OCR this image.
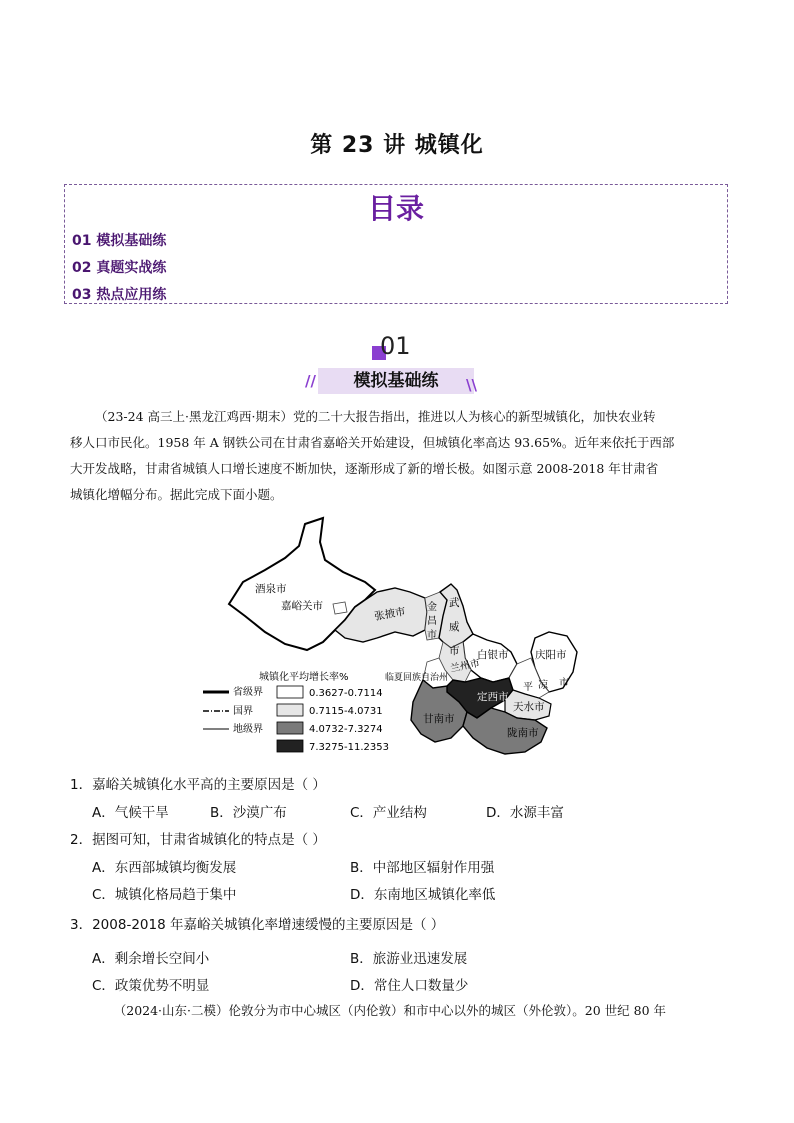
第 23 讲 城镇化
目录
01 模拟基础练
02 真题实战练
03 热点应用练
01
//	\\
模拟基础练
（23-24 高三上·黑龙江鸡西·期末）党的二十大报告指出，推进以人为核心的新型城镇化，加快农业转
移人口市民化。1958 年 A 钢铁公司在甘肃省嘉峪关开始建设，但城镇化率高达 93.65%。近年来依托于西部
大开发战略，甘肃省城镇人口增长速度不断加快，逐渐形成了新的增长极。如图示意 2008-2018 年甘肃省
城镇化增幅分布。据此完成下面小题。
酒泉市
嘉峪关市	张掖市 金
昌
市
武
威
市 白银市
兰州市
临夏回族自治州
庆阳市
平 凉 市
定西市
天水市
甘南市
陇南市
城镇化平均增长率%
省级界
国界
地级界
0.3627-0.7114
0.7115-4.0731
4.0732-7.3274
7.3275-11.2353
1．嘉峪关城镇化水平高的主要原因是（ ）
A．气候干旱	B．沙漠广布	C．产业结构	D．水源丰富
2．据图可知，甘肃省城镇化的特点是（ ）
A．东西部城镇均衡发展	B．中部地区辐射作用强
C．城镇化格局趋于集中	D．东南地区城镇化率低
3．2008-2018 年嘉峪关城镇化率增速缓慢的主要原因是（ ）
A．剩余增长空间小	B．旅游业迅速发展
C．政策优势不明显	D．常住人口数量少
（2024·山东·二模）伦敦分为市中心城区（内伦敦）和市中心以外的城区（外伦敦）。20 世纪 80 年
